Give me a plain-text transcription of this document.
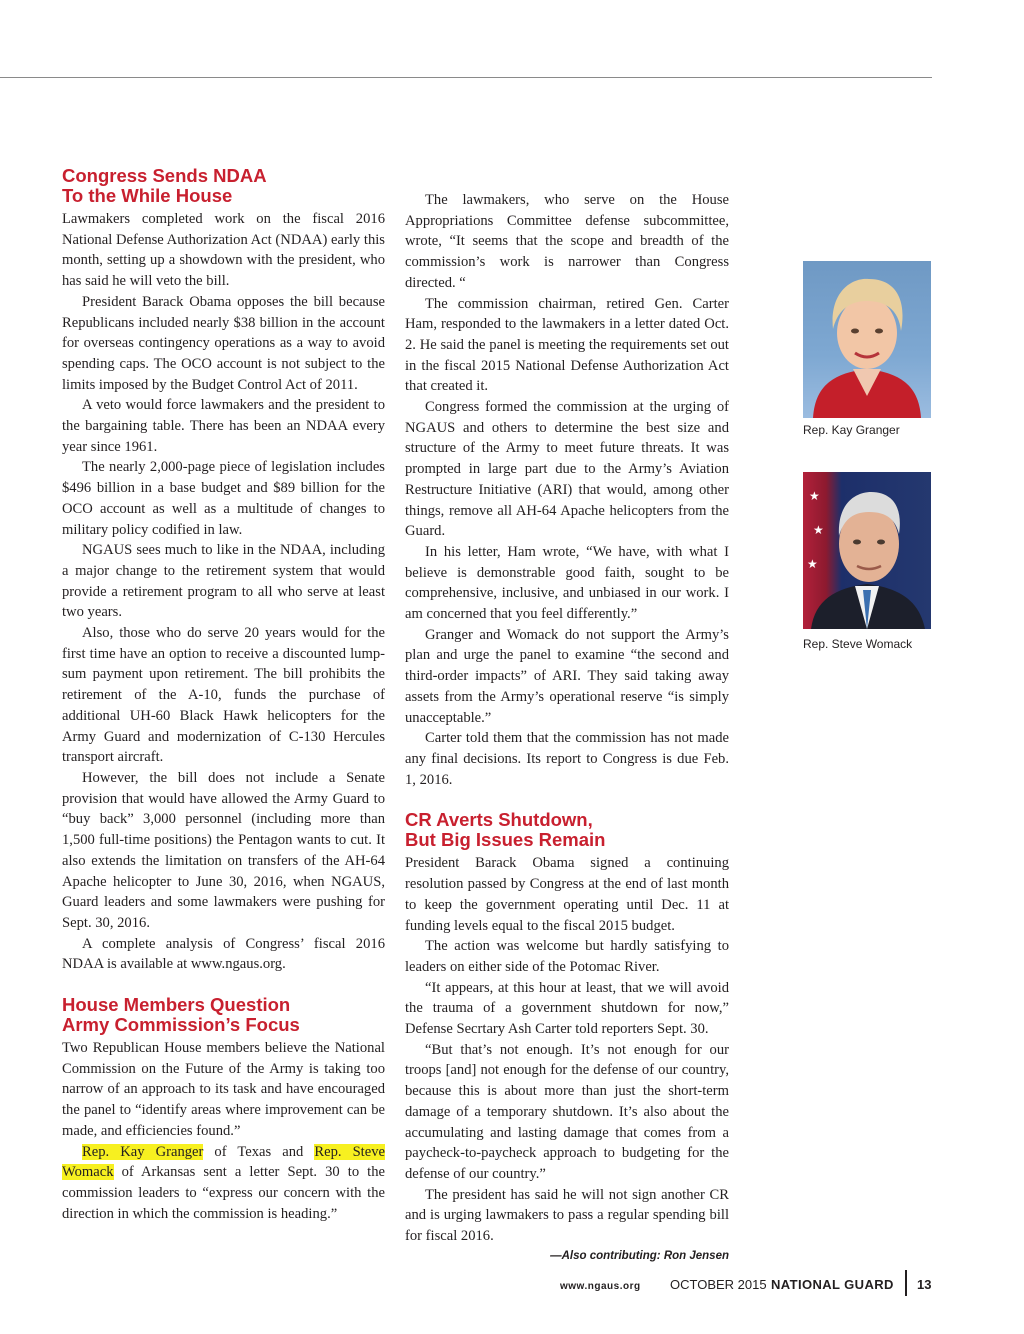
Congress Sends NDAA
To the While House

Lawmakers completed work on the fiscal 2016 National Defense Authorization Act (NDAA) early this month, setting up a showdown with the president, who has said he will veto the bill.

President Barack Obama opposes the bill because Republicans included nearly $38 billion in the account for overseas contingency operations as a way to avoid spending caps. The OCO account is not subject to the limits imposed by the Budget Control Act of 2011.

A veto would force lawmakers and the president to the bargaining table. There has been an NDAA every year since 1961.

The nearly 2,000-page piece of legislation includes $496 billion in a base budget and $89 billion for the OCO account as well as a multitude of changes to military policy codified in law.

NGAUS sees much to like in the NDAA, including a major change to the retirement system that would provide a retirement program to all who serve at least two years.

Also, those who do serve 20 years would for the first time have an option to receive a discounted lump-sum payment upon retirement. The bill prohibits the retirement of the A-10, funds the purchase of additional UH-60 Black Hawk helicopters for the Army Guard and modernization of C-130 Hercules transport aircraft.

However, the bill does not include a Senate provision that would have allowed the Army Guard to “buy back” 3,000 personnel (including more than 1,500 full-time positions) the Pentagon wants to cut. It also extends the limitation on transfers of the AH-64 Apache helicopter to June 30, 2016, when NGAUS, Guard leaders and some lawmakers were pushing for Sept. 30, 2016.

A complete analysis of Congress’ fiscal 2016 NDAA is available at www.ngaus.org.

House Members Question
Army Commission’s Focus

Two Republican House members believe the National Commission on the Future of the Army is taking too narrow of an approach to its task and have encouraged the panel to “identify areas where improvement can be made, and efficiencies found.”

Rep. Kay Granger of Texas and Rep. Steve Womack of Arkansas sent a letter Sept. 30 to the commission leaders to “express our concern with the direction in which the commission is heading.”

The lawmakers, who serve on the House Appropriations Committee defense subcommittee, wrote, “It seems that the scope and breadth of the commission’s work is narrower than Congress directed. “

The commission chairman, retired Gen. Carter Ham, responded to the lawmakers in a letter dated Oct. 2. He said the panel is meeting the requirements set out in the fiscal 2015 National Defense Authorization Act that created it.

Congress formed the commission at the urging of NGAUS and others to determine the best size and structure of the Army to meet future threats. It was prompted in large part due to the Army’s Aviation Restructure Initiative (ARI) that would, among other things, remove all AH-64 Apache helicopters from the Guard.

In his letter, Ham wrote, “We have, with what I believe is demonstrable good faith, sought to be comprehensive, inclusive, and unbiased in our work. I am concerned that you feel differently.”

Granger and Womack do not support the Army’s plan and urge the panel to examine “the second and third-order impacts” of ARI. They said taking away assets from the Army’s operational reserve “is simply unacceptable.”

Carter told them that the commission has not made any final decisions. Its report to Congress is due Feb. 1, 2016.

CR Averts Shutdown,
But Big Issues Remain

President Barack Obama signed a continuing resolution passed by Congress at the end of last month to keep the government operating until Dec. 11 at funding levels equal to the fiscal 2015 budget.

The action was welcome but hardly satisfying to leaders on either side of the Potomac River.

“It appears, at this hour at least, that we will avoid the trauma of a government shutdown for now,” Defense Secrtary Ash Carter told reporters Sept. 30.

“But that’s not enough. It’s not enough for our troops [and] not enough for the defense of our country, because this is about more than just the short-term damage of a temporary shutdown. It’s also about the accumulating and lasting damage that comes from a paycheck-to-paycheck approach to budgeting for the defense of our country.”

The president has said he will not sign another CR and is urging lawmakers to pass a regular spending bill for fiscal 2016.

—Also contributing: Ron Jensen
Rep. Kay Granger
★
★
★
Rep. Steve Womack
www.ngaus.org OCTOBER 2015 NATIONAL GUARD 13
